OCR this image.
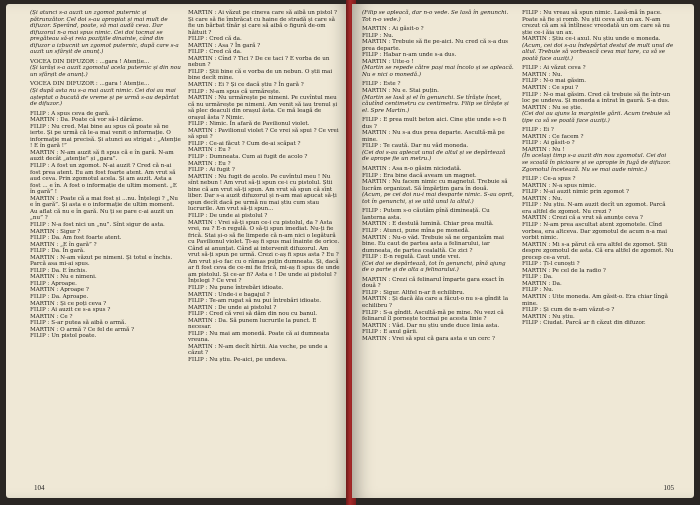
(Și atunci s-a auzit un zgomot puternic și pătrunzător. Cel doi s-au apropiat și mai mult de difuzor. Sperând, poate, să mai audă ceva. Dar difuzorul n-a mai spus nimic. Cei doi tocmai se pregăteau să-și reia pozițiile dinainte, când din difuzor a izbucnit un zgomot puternic, după care s-a auzit un sfârșit de anunț.)

VOCEA DIN DIFUZOR : ...gara ! Atenție...

(Și iarăși s-a auzit zgomotul acela puternic și din nou un sfârșit de anunț.)

VOCEA DIN DIFUZOR : ...gara ! Atenție...

(Și după asta nu s-a mai auzit nimic. Cei doi au mai așteptat o bucată de vreme și pe urmă s-au depărtat de difuzor.)

FILIP : A spus ceva de gară.

MARTIN : Da. Poate că vor să-l dărâme.

FILIP : Nu cred. Mai bine au spus că poate să ne ierte. Și pe urmă că le-a mai venit o informație. O informație mai precisă. Și atunci au strigat : „Atenție ! E în gară !”

MARTIN : N-am auzit să fi spus că e în gară. N-am auzit decât „atenție” și „gara”.

FILIP : A fost un zgomot. N-ai auzit ? Cred că n-ai fost prea atent. Eu am fost foarte atent. Am vrut să aud ceva. Prin zgomotul acela. Și am auzit. Asta a fost ... e în. A fost o informație de ultim moment. „E în gară” !

MARTIN : Poate că a mai fost și ...nu. Înțelegi ? „Nu e în gară”. Și asta e o informație de ultim moment. Au aflat că nu e în gară. Nu ți se pare c-ai auzit un „nu” ?

FILIP : N-a fost nici un „nu”. Sînt sigur de asta.

MARTIN : Sigur ?

FILIP : Da. Am fost foarte atent.

MARTIN : „E în gară” ?

FILIP : Da. În gară.

MARTIN : N-am văzut pe nimeni. Și totul e închis. Parcă asa mi-ai spus.

FILIP : Da. E închis.

MARTIN : Nu e nimeni.

FILIP : Aproape.

MARTIN : Aproape ?

FILIP : Da. Aproape.

MARTIN : Și ce poți ceva ?

FILIP : Ai auzit ce s-a spus ?

MARTIN : Ce ?

FILIP : S-ar putea să aibă o armă.

MARTIN : O armă ? Ce fel de armă ?

FILIP : Un pistol poate.

MARTIN : Ai văzut pe cineva care să aibă un pistol ? Și care să fie îmbrăcat cu haine de stradă și care să fie un bărbat tînăr și care să aibă o figură de-om hăituit ?

FILIP : Cred că da.

MARTIN : Asa ? În gară ?

FILIP : Cred că da.

MARTIN : Cînd ? Tici ? De ce taci ? E vorba de un nebun ?

FILIP : Știi bine că e vorba de un nebun. O știi mai bine decît mine.

MARTIN : Ei ? Și ce dacă știu ? În gară ?

FILIP : N-am spus că urmărește.

MARTIN : Nu urmărește pe nimeni. Pe cuvîntul meu că nu urmărește pe nimeni. Am venit să iau trenul și să plec deaculi din orașul ăsta. Ce mă leagă de orașul ăsta ? Nimic.

FILIP : Nimic. În afară de Pavilionul violet.

MARTIN : Pavilionul violet ? Ce vrei să spui ? Ce vrei să spui ?

FILIP : Ce-ai făcut ? Cum de-ai scăpat ?

MARTIN : Eu ?

FILIP : Dumneata. Cum ai fugit de acolo ?

MARTIN : Eu ?

FILIP : Ai fugit ?

MARTIN : Nu fugit de acolo. Pe cuvîntul meu ! Nu sînt nebun ! Am vrut să-ți spun ce-i cu pistolul. Știi bine că am vrut să-ți spun. Am vrut să spun că sînt liber. Dar s-a auzit difuzorul și n-am mai apucat să-ți spun decît dacă pe urmă nu mai știu cum stau lucrurile. Am vrut să-ți spun...

FILIP : De unde ai pistolul ?

MARTIN : Vrei să-ți spun ce-i cu pistolul, da ? Asta vrei, nu ? E-n regulă. O să-ți spun imediat. Nu-ți fie frică. Stai și-o să fie limpede că n-am nici o legătură cu Pavilionul violet. Ți-aș fi spus mai înainte de orice. Când ai anunțat. Când ai intervenit difuzorul. Am vrut să-ți spun pe urmă. Crezi c-aș fi spus asta ? Eu ? Am vrut și-o fac cu o rămas puțin dumneata. Și, dacă ar fi fost ceva de ce-mi fie frică, mi-aș fi spus de unde am pistolul. Și ce-ar fi? Asta e ! De unde ai pistolul ? Înțelegi ? Ce vrei ?

FILIP : Nu pune întrebări idioate.

MARTIN : Unde-i e bagajul ?

FILIP : Te-am rugat să nu pui întrebări idioate.

MARTIN : De unde ai pistolul ?

FILIP : Cred că vrei să dăm din nou cu banul.

MARTIN : Da. Să punem lucrurile la punct. E necesar.

FILIP : Nu mai am monedă. Poate că ai dumneata vreuna.

MARTIN : N-am decît hîrtii. Aia veche, pe unde a căzut ?

FILIP : Nu știu. Pe-aici, pe undeva.

104

(Filip se apleacă, dar n-o vede. Se lasă în genunchi. Tot n-o vede.)

MARTIN : Ai găsit-o ?

FILIP : Nu.

MARTIN : Trebuie să fie pe-aici. Nu cred că s-a dus prea departe.

FILIP : Habar n-am unde s-a dus.

MARTIN : Uite-o !

(Martin se repede către pași mai încolo și se apleacă. Nu e nici o monedă.)

FILIP : Este ?

MARTIN : Nu e. Stai puțin.

(Martin se lasă și el în genunchi. Se tîrăște încet, căutînd centimetru cu centimetru. Filip se tîrăște și el. Spre Martin.)

FILIP : E prea mult beton aici. Cine știe unde s-o fi dus ?

MARTIN : Nu s-a dus prea departe. Ascultă-mă pe mine.

FILIP : Te caută. Dar nu văd moneda.

(Cei doi s-au aplecat unul de altul și se depărtează de aprope fie un metru.)

MARTIN : Asa n-o găsim niciodată.

FILIP : Era bine dacă aveam un magnet.

MARTIN : Nu facem nimic cu magnetul. Trebuie să lucrăm organizat. Să împărțim gara în două.

(Acum, pe cei doi nu-i mai desparte nimic. S-au oprit, tot în genunchi, și se uită unul la altul.)

FILIP : Putem s-o căutăm pînă dimineață. Cu lanterna asta.

MARTIN : E destulă lumină. Chiar prea multă.

FILIP : Atunci, pune mîna pe monedă.

MARTIN : Nu-o văd. Trebuie să ne organizăm mai bine. Eu caut de partea asta a felinarului, iar dumneata, de partea cealaltă. Ce zici ?

FILIP : E-n regulă. Caut unde vrei.

(Cei doi se depărtează, tot în genunchi, pînă ajung de o parte și de alta a felinarului.)

MARTIN : Crezi că felinarul împarte gara exact în două ?

FILIP : Sigur. Altfel n-ar fi echilibru.

MARTIN : Și dacă ăla care a făcut-o nu s-a gîndit la echilibru ?

FILIP : S-a gîndit. Ascultă-mă pe mine. Nu vezi că felinarul îl pornește tocmai pe acesta linie ?

MARTIN : Văd. Dar nu știu unde duce linia asta.

FILIP : E axul gării.

MARTIN : Vrei să spui că gara asta e un cerc ?

FILIP : Nu vreau să spun nimic. Lasă-mă în pace. Poate să fie și romb. Nu știi ceva alt un ax. N-am crezut că am să întîlnesc vreodată un om care să nu știe ce-i ăia un ax.

MARTIN : Știu ce-i axul. Nu știu unde e moneda.

(Acum, cei doi s-au îndepărtat destul de mult unul de altul. Trebuie să vorbească ceva mai tare, ca să se poată face auziți.)

FILIP : Ai văzut ceva ?

MARTIN : Nu.

FILIP : N-o mai găsim.

MARTIN : Ce spui ?

FILIP : N-o mai găsim. Cred că trebuie să fie într-un loc pe undeva. Și moneda a intrat în gaură. S-a dus.

MARTIN : Nu se știe.

(Cei doi au ajuns la marginile gării. Acum trebuie să țipe ca să se poată face auziți.)

FILIP : Ei ?

MARTIN : Ce facem ?

FILIP : Ai găsit-o ?

MARTIN : Nu !

(În același timp s-a auzit din nou zgomotul. Cei doi se scoală în picioare și se apropie în fugă de difuzor. Zgomotul încetează. Nu se mai aude nimic.)

FILIP : Ce-a spus ?

MARTIN : N-a spus nimic.

FILIP : N-ai auzit nimic prin zgomot ?

MARTIN : Nu.

FILIP : Nu știu. N-am auzit decît un zgomot. Parcă era altfel de zgomot. Nu crezi ?

MARTIN : Crezi că a vrut să anunțe ceva ?

FILIP : N-am prea ascultat atent zgomotele. Cînd vorbea, era altceva. Dar zgomotul de acum n-a mai vorbit nimic.

MARTIN : Mi s-a părut că era altfel de zgomot. Știi despre zgomotul de asta. Că era altfel de zgomot. Nu precep ce-a vrut.

FILIP : Ți-l cunoști ?

MARTIN : Pe cel de la radio ?

FILIP : Da.

MARTIN : Da.

FILIP : Nu.

MARTIN : Uite moneda. Am găsit-o. Era chiar lîngă mine.

FILIP : Și cum de n-am văzut-o ?

MARTIN : Nu știu.

FILIP : Ciudat. Parcă ar fi căzut din difuzor.

105
